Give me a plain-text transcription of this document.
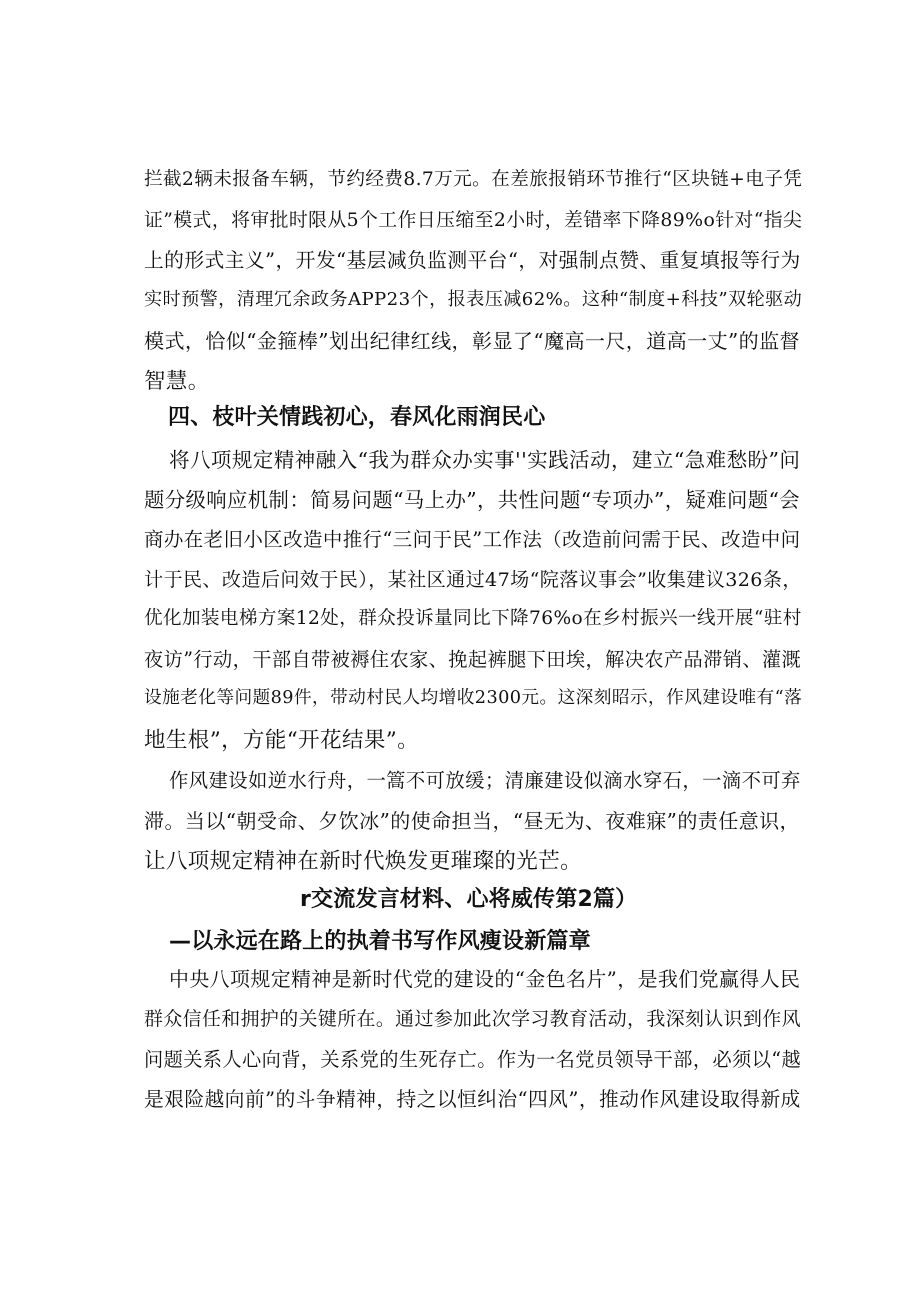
拦截2辆未报备车辆，节约经费8.7万元。在差旅报销环节推行“区块链+电子凭
证”模式，将审批时限从5个工作日压缩至2小时，差错率下降89%o针对“指尖
上的形式主义”，开发“基层减负监测平台“，对强制点赞、重复填报等行为
实时预警，清理冗余政务APP23个，报表压减62%。这种“制度+科技”双轮驱动
模式，恰似“金箍棒”划出纪律红线，彰显了“魔高一尺，道高一丈”的监督
智慧。
四、枝叶关情践初心，春风化雨润民心
将八项规定精神融入“我为群众办实事''实践活动，建立“急难愁盼”问
题分级响应机制：简易问题“马上办”，共性问题“专项办”，疑难问题“会
商办在老旧小区改造中推行“三问于民”工作法（改造前问需于民、改造中问
计于民、改造后问效于民），某社区通过47场“院落议事会”收集建议326条，
优化加装电梯方案12处，群众投诉量同比下降76%o在乡村振兴一线开展“驻村
夜访”行动，干部自带被褥住农家、挽起裤腿下田埃，解决农产品滞销、灌溉
设施老化等问题89件，带动村民人均增收2300元。这深刻昭示，作风建设唯有“落
地生根”，方能“开花结果”。
作风建设如逆水行舟，一篙不可放缓；清廉建设似滴水穿石，一滴不可弃
滞。当以“朝受命、夕饮冰”的使命担当，“昼无为、夜难寐”的责任意识，
让八项规定精神在新时代焕发更璀璨的光芒。
r交流发言材料、心将威传第2篇）
—以永远在路上的执着书写作风瘦设新篇章
中央八项规定精神是新时代党的建设的“金色名片”，是我们党赢得人民
群众信任和拥护的关键所在。通过参加此次学习教育活动，我深刻认识到作风
问题关系人心向背，关系党的生死存亡。作为一名党员领导干部，必须以“越
是艰险越向前”的斗争精神，持之以恒纠治“四风”，推动作风建设取得新成
